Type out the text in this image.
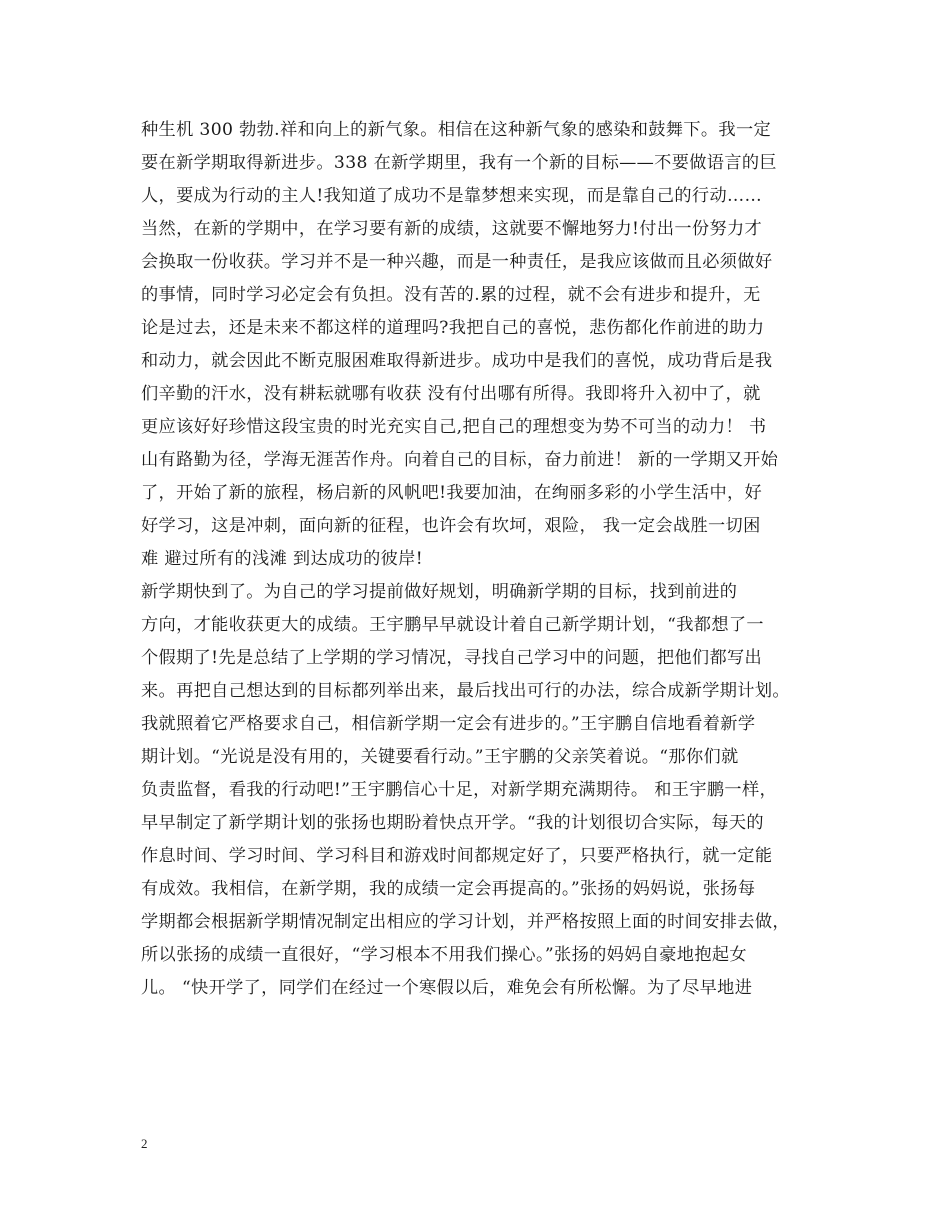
种生机 300 勃勃.祥和向上的新气象。相信在这种新气象的感染和鼓舞下。我一定
要在新学期取得新进步。338 在新学期里，我有一个新的目标——不要做语言的巨
人，要成为行动的主人!我知道了成功不是靠梦想来实现，而是靠自己的行动……
当然，在新的学期中，在学习要有新的成绩，这就要不懈地努力!付出一份努力才
会换取一份收获。学习并不是一种兴趣，而是一种责任，是我应该做而且必须做好
的事情，同时学习必定会有负担。没有苦的.累的过程，就不会有进步和提升，无
论是过去，还是未来不都这样的道理吗?我把自己的喜悦，悲伤都化作前进的助力
和动力，就会因此不断克服困难取得新进步。成功中是我们的喜悦，成功背后是我
们辛勤的汗水，没有耕耘就哪有收获 没有付出哪有所得。我即将升入初中了，就
更应该好好珍惜这段宝贵的时光充实自己,把自己的理想变为势不可当的动力！ 书
山有路勤为径，学海无涯苦作舟。向着自己的目标，奋力前进！ 新的一学期又开始
了，开始了新的旅程，杨启新的风帆吧!我要加油，在绚丽多彩的小学生活中，好
好学习，这是冲刺，面向新的征程，也许会有坎坷，艰险， 我一定会战胜一切困
难 避过所有的浅滩 到达成功的彼岸!
新学期快到了。为自己的学习提前做好规划，明确新学期的目标，找到前进的
方向，才能收获更大的成绩。王宇鹏早早就设计着自己新学期计划，“我都想了一
个假期了!先是总结了上学期的学习情况，寻找自己学习中的问题，把他们都写出
来。再把自己想达到的目标都列举出来，最后找出可行的办法，综合成新学期计划。
我就照着它严格要求自己，相信新学期一定会有进步的。”王宇鹏自信地看着新学
期计划。“光说是没有用的，关键要看行动。”王宇鹏的父亲笑着说。“那你们就
负责监督，看我的行动吧!”王宇鹏信心十足，对新学期充满期待。 和王宇鹏一样，
早早制定了新学期计划的张扬也期盼着快点开学。“我的计划很切合实际，每天的
作息时间、学习时间、学习科目和游戏时间都规定好了，只要严格执行，就一定能
有成效。我相信，在新学期，我的成绩一定会再提高的。”张扬的妈妈说，张扬每
学期都会根据新学期情况制定出相应的学习计划，并严格按照上面的时间安排去做，
所以张扬的成绩一直很好，“学习根本不用我们操心。”张扬的妈妈自豪地抱起女
儿。 “快开学了，同学们在经过一个寒假以后，难免会有所松懈。为了尽早地进
2
